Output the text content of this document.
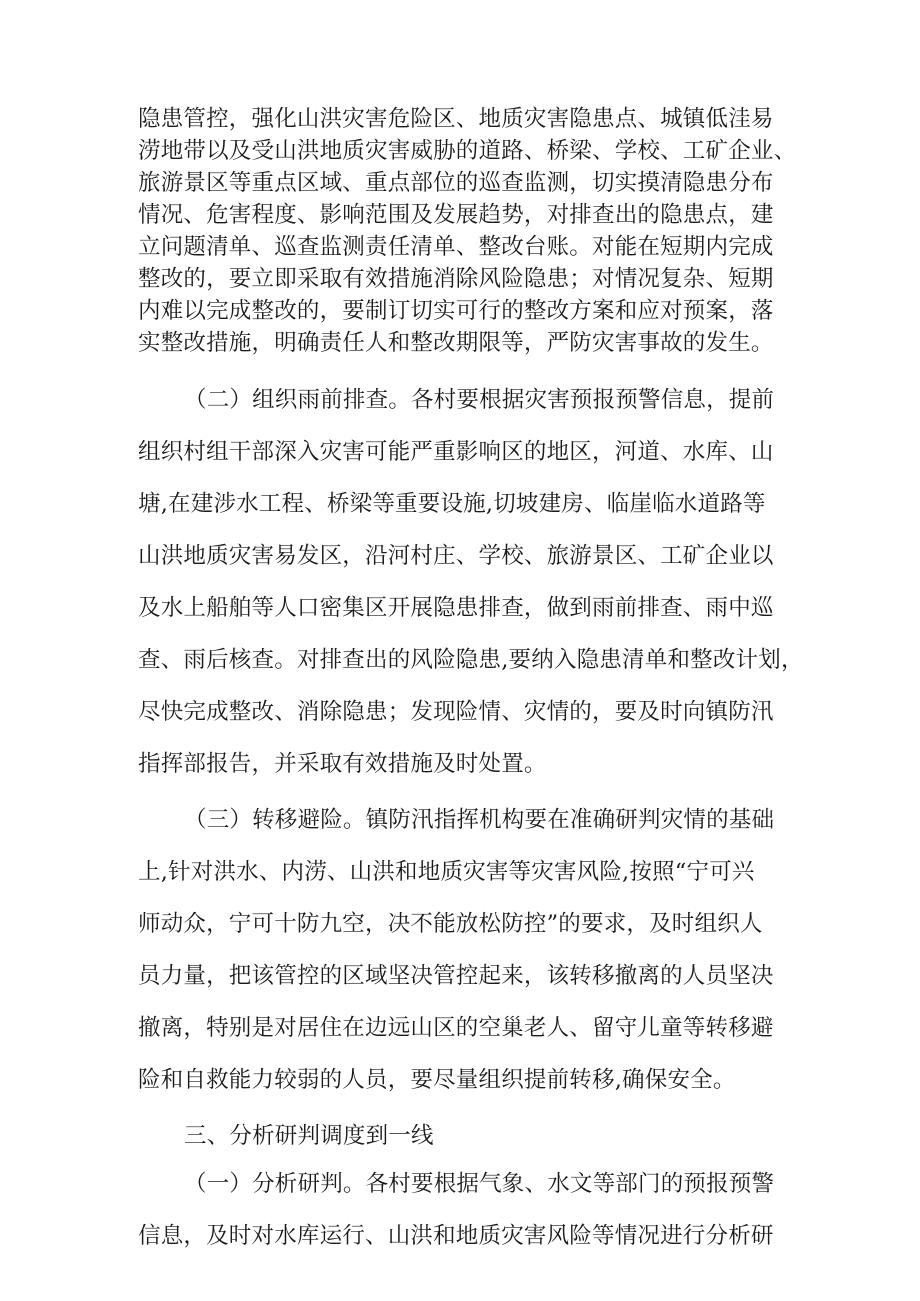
隐患管控，强化山洪灾害危险区、地质灾害隐患点、城镇低洼易
涝地带以及受山洪地质灾害威胁的道路、桥梁、学校、工矿企业、
旅游景区等重点区域、重点部位的巡查监测，切实摸清隐患分布
情况、危害程度、影响范围及发展趋势，对排查出的隐患点，建
立问题清单、巡查监测责任清单、整改台账。对能在短期内完成
整改的，要立即采取有效措施消除风险隐患；对情况复杂、短期
内难以完成整改的，要制订切实可行的整改方案和应对预案，落
实整改措施，明确责任人和整改期限等，严防灾害事故的发生。
（二）组织雨前排查。各村要根据灾害预报预警信息，提前
组织村组干部深入灾害可能严重影响区的地区，河道、水库、山
塘,在建涉水工程、桥梁等重要设施,切坡建房、临崖临水道路等
山洪地质灾害易发区，沿河村庄、学校、旅游景区、工矿企业以
及水上船舶等人口密集区开展隐患排查，做到雨前排查、雨中巡
查、雨后核查。对排查出的风险隐患,要纳入隐患清单和整改计划，
尽快完成整改、消除隐患；发现险情、灾情的，要及时向镇防汛
指挥部报告，并采取有效措施及时处置。
（三）转移避险。镇防汛指挥机构要在准确研判灾情的基础
上,针对洪水、内涝、山洪和地质灾害等灾害风险,按照“宁可兴
师动众，宁可十防九空，决不能放松防控”的要求，及时组织人
员力量，把该管控的区域坚决管控起来，该转移撤离的人员坚决
撤离，特别是对居住在边远山区的空巢老人、留守儿童等转移避
险和自救能力较弱的人员，要尽量组织提前转移,确保安全。
三、分析研判调度到一线
（一）分析研判。各村要根据气象、水文等部门的预报预警
信息，及时对水库运行、山洪和地质灾害风险等情况进行分析研
